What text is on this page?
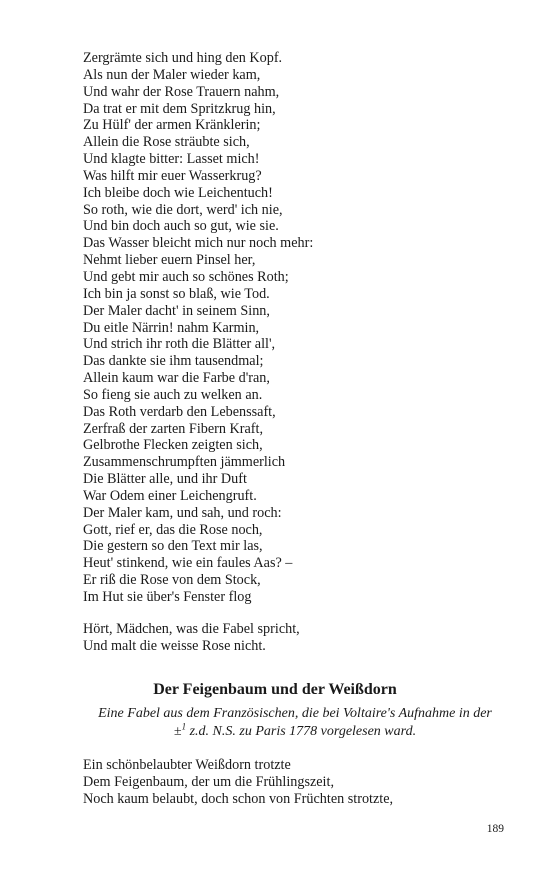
Zergrämte sich und hing den Kopf.
Als nun der Maler wieder kam,
Und wahr der Rose Trauern nahm,
Da trat er mit dem Spritzkrug hin,
Zu Hülf' der armen Kränklerin;
Allein die Rose sträubte sich,
Und klagte bitter: Lasset mich!
Was hilft mir euer Wasserkrug?
Ich bleibe doch wie Leichentuch!
So roth, wie die dort, werd' ich nie,
Und bin doch auch so gut, wie sie.
Das Wasser bleicht mich nur noch mehr:
Nehmt lieber euern Pinsel her,
Und gebt mir auch so schönes Roth;
Ich bin ja sonst so blaß, wie Tod.
Der Maler dacht' in seinem Sinn,
Du eitle Närrin! nahm Karmin,
Und strich ihr roth die Blätter all',
Das dankte sie ihm tausendmal;
Allein kaum war die Farbe d'ran,
So fieng sie auch zu welken an.
Das Roth verdarb den Lebenssaft,
Zerfraß der zarten Fibern Kraft,
Gelbrothe Flecken zeigten sich,
Zusammenschrumpften jämmerlich
Die Blätter alle, und ihr Duft
War Odem einer Leichengruft.
Der Maler kam, und sah, und roch:
Gott, rief er, das die Rose noch,
Die gestern so den Text mir las,
Heut' stinkend, wie ein faules Aas? –
Er riß die Rose von dem Stock,
Im Hut sie über's Fenster flog
Hört, Mädchen, was die Fabel spricht,
Und malt die weisse Rose nicht.
Der Feigenbaum und der Weißdorn

Eine Fabel aus dem Französischen, die bei Voltaire's Aufnahme in der
±$^1$ z.d. N.S. zu Paris 1778 vorgelesen ward.

Ein schönbelaubter Weißdorn trotzte
Dem Feigenbaum, der um die Frühlingszeit,
Noch kaum belaubt, doch schon von Früchten strotzte,
189
